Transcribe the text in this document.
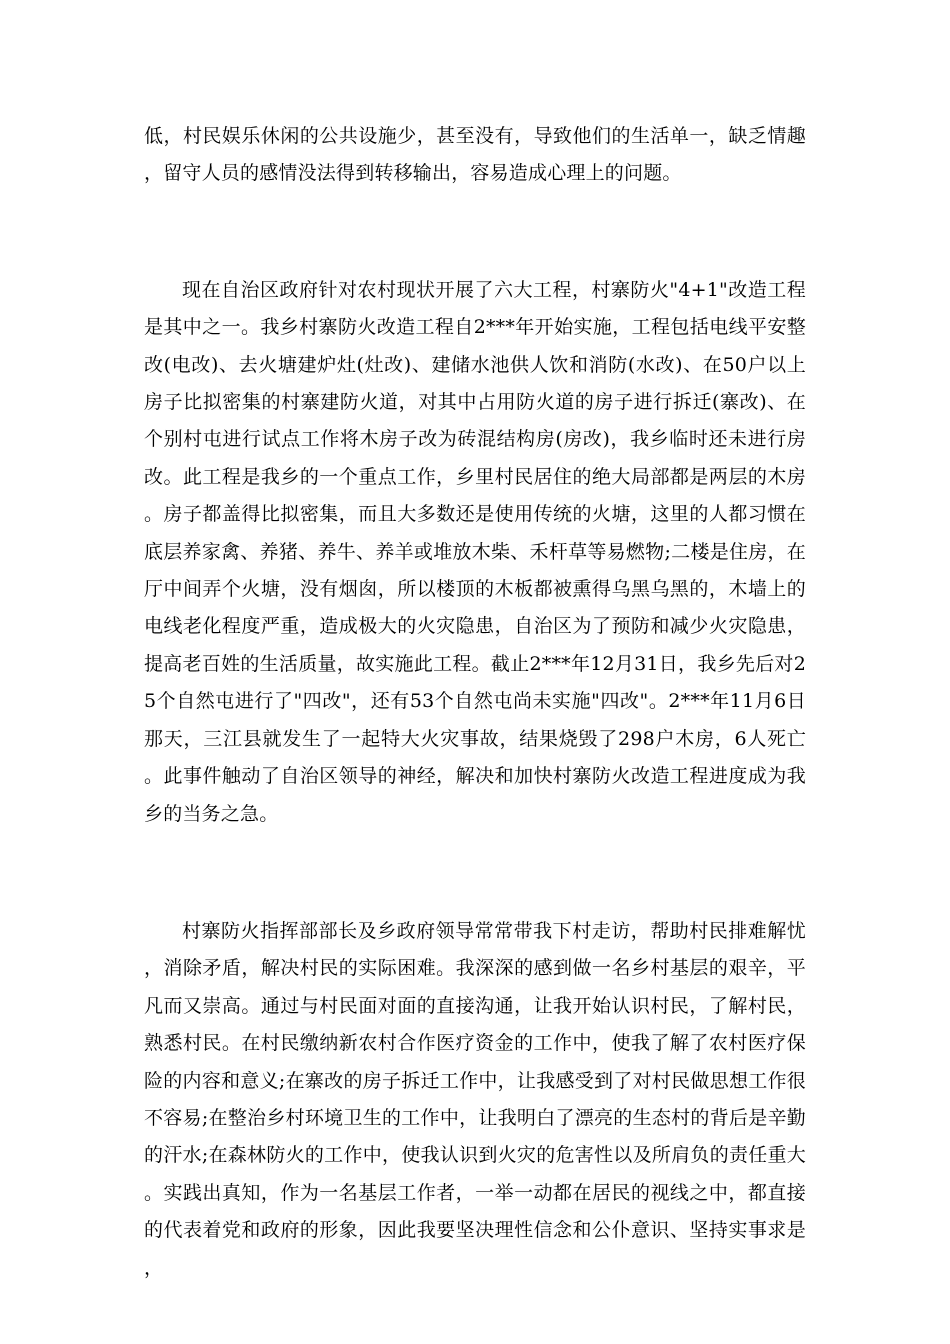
低，村民娱乐休闲的公共设施少，甚至没有，导致他们的生活单一，缺乏情趣，留守人员的感情没法得到转移输出，容易造成心理上的问题。

现在自治区政府针对农村现状开展了六大工程，村寨防火"4+1"改造工程是其中之一。我乡村寨防火改造工程自2***年开始实施，工程包括电线平安整改(电改)、去火塘建炉灶(灶改)、建储水池供人饮和消防(水改)、在50户以上房子比拟密集的村寨建防火道，对其中占用防火道的房子进行拆迁(寨改)、在个别村屯进行试点工作将木房子改为砖混结构房(房改)，我乡临时还未进行房改。此工程是我乡的一个重点工作，乡里村民居住的绝大局部都是两层的木房。房子都盖得比拟密集，而且大多数还是使用传统的火塘，这里的人都习惯在底层养家禽、养猪、养牛、养羊或堆放木柴、禾杆草等易燃物;二楼是住房，在厅中间弄个火塘，没有烟囱，所以楼顶的木板都被熏得乌黑乌黑的，木墙上的电线老化程度严重，造成极大的火灾隐患，自治区为了预防和减少火灾隐患，提高老百姓的生活质量，故实施此工程。截止2***年12月31日，我乡先后对25个自然屯进行了"四改"，还有53个自然屯尚未实施"四改"。2***年11月6日那天，三江县就发生了一起特大火灾事故，结果烧毁了298户木房，6人死亡。此事件触动了自治区领导的神经，解决和加快村寨防火改造工程进度成为我乡的当务之急。

村寨防火指挥部部长及乡政府领导常常带我下村走访，帮助村民排难解忧，消除矛盾，解决村民的实际困难。我深深的感到做一名乡村基层的艰辛，平凡而又崇高。通过与村民面对面的直接沟通，让我开始认识村民，了解村民，熟悉村民。在村民缴纳新农村合作医疗资金的工作中，使我了解了农村医疗保险的内容和意义;在寨改的房子拆迁工作中，让我感受到了对村民做思想工作很不容易;在整治乡村环境卫生的工作中，让我明白了漂亮的生态村的背后是辛勤的汗水;在森林防火的工作中，使我认识到火灾的危害性以及所肩负的责任重大。实践出真知，作为一名基层工作者，一举一动都在居民的视线之中，都直接的代表着党和政府的形象，因此我要坚决理性信念和公仆意识、坚持实事求是，
